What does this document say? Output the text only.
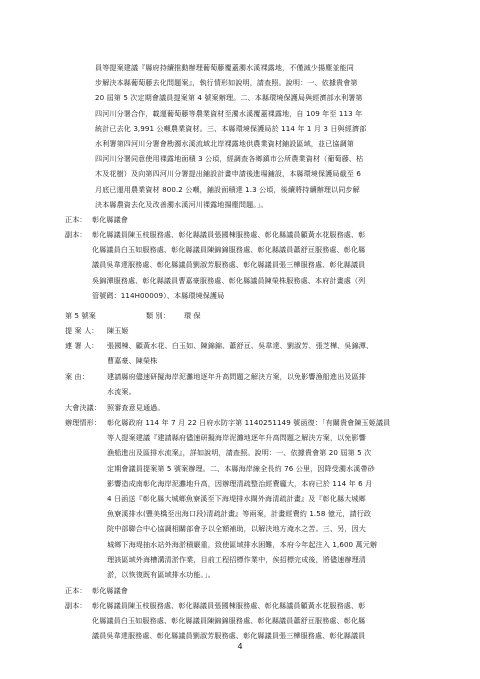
員等提案建議『縣府持續推動辦理葡萄藤覆蓋濁水溪裸露地，不僅減少揚塵並能同
步解決本縣葡萄藤去化問題案』，執行情形如說明，請查照。說明：一、依據貴會第
20 屆第 5 次定期會議員提案第 4 號案辦理。二、本縣環境保護局與經濟部水利署第
四河川分署合作，載運葡萄藤等農業資材至濁水溪覆蓋裸露地，自 109 年至 113 年
統計已去化 3,991 公噸農業資材。三、本縣環境保護局於 114 年 1 月 3 日與經濟部
水利署第四河川分署會勘濁水溪流域北岸裸露地供農業資材鋪設區域，並已協調第
四河川分署同意使用裸露地面積 3 公頃，經調查各鄉鎮市公所農業資材（葡萄藤、枯
木及花樹）及向第四河川分署提出鋪設計畫申請後進場鋪設，本縣環境保護局截至 6
月底已運用農業資材 800.2 公噸，鋪設面積達 1.3 公頃，後續將持續辦理以同步解
決本縣農資去化及改善濁水溪河川裸露地揚塵問題。」。
正本： 彰化縣議會
副本： 彰化縣議員陳玉枝服務處、彰化縣議員張國棟服務處、彰化縣議員顧黃水花服務處、彰
化縣議員白玉如服務處、彰化縣議員陳錦錦服務處、彰化縣議員蕭舒亘服務處、彰化縣
議員吳韋達服務處、彰化縣議員劉淑芳服務處、彰化縣議員張三樺服務處、彰化縣議員
吳錦潭服務處、彰化縣議員曹嘉豪服務處、彰化縣議員陳榮株服務處、本府計畫處（列
管號碼：114H00009）、本縣環境保護局
第 5 號案	類 別： 環 保
提 案 人： 陳玉姬
連 署 人： 張國棟、顧黃水花、白玉如、陳錦錦、蕭舒亘、吳韋達、劉淑芳、張芝樺、吳錦潭、
曹嘉豪、陳榮株
案 由：	建請縣府儘速研擬海岸泥灘地逐年升高問題之解決方案，以免影響漁船進出及區排
水流案。
大會決議： 照審查意見通過。
辦理情形： 彰化縣政府 114 年 7 月 22 日府水防字第 1140251149 號函復：「有關貴會陳玉姬議員
等人提案建議『建請縣府儘速研擬海岸泥灘地逐年升高問題之解決方案，以免影響
漁船進出及區排水流案』，詳如說明，請查照。說明：一、依據貴會第 20 屆第 5 次
定期會議員提案第 5 號案辦理。二、本縣海岸線全長約 76 公里，因降受濁水溪帶砂
影響造成南彰化海岸泥灘地升高，因辦理清疏整治經費龐大，本府已於 114 年 6 月
4 日函送『彰化縣大城鄉魚寮溪至下海堤排水閘外海清疏計畫』及『彰化縣大城鄉
魚寮溪排水(豐美橋至出海口段)清疏計畫』等兩案，計畫經費約 1.58 億元，請行政
院中部聯合中心協調相關部會予以全額補助，以解決地方淹水之苦。三、另，因大
城鄉下海堤抽水站外海淤積嚴重，致使區域排水困難，本府今年起注入 1,600 萬元辦
理該區域外海槽溝清淤作業，目前工程招標作業中，俟招標完成後，將儘速辦理清
淤，以恢復既有區域排水功能。」。
正本： 彰化縣議會
副本： 彰化縣議員陳玉枝服務處、彰化縣議員張國棟服務處、彰化縣議員顧黃水花服務處、彰
化縣議員白玉如服務處、彰化縣議員陳錦錦服務處、彰化縣議員蕭舒亘服務處、彰化縣
議員吳韋達服務處、彰化縣議員劉淑芳服務處、彰化縣議員張三樺服務處、彰化縣議員
4
